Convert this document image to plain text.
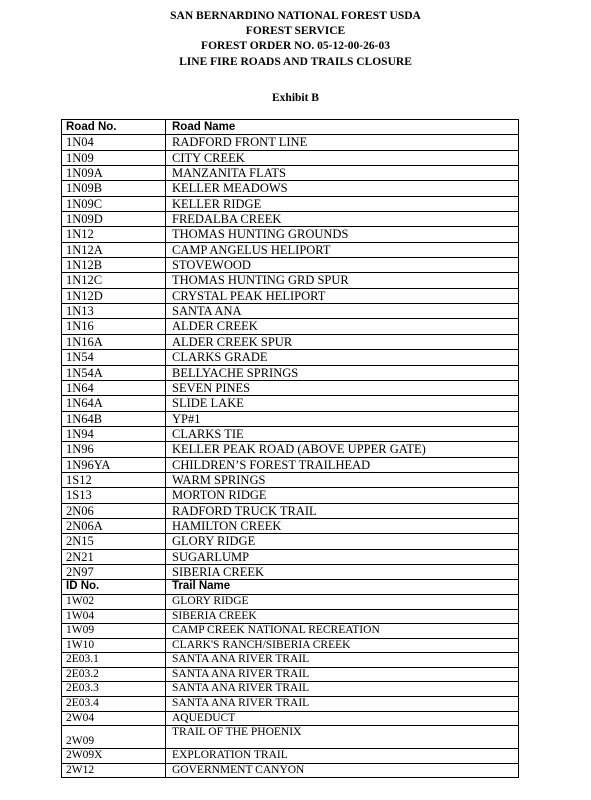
SAN BERNARDINO NATIONAL FOREST USDA
FOREST SERVICE
FOREST ORDER NO. 05-12-00-26-03
LINE FIRE ROADS AND TRAILS CLOSURE
Exhibit B
Road No.	Road Name
1N04	RADFORD FRONT LINE
1N09	CITY CREEK
1N09A	MANZANITA FLATS
1N09B	KELLER MEADOWS
1N09C	KELLER RIDGE
1N09D	FREDALBA CREEK
1N12	THOMAS HUNTING GROUNDS
1N12A	CAMP ANGELUS HELIPORT
1N12B	STOVEWOOD
1N12C	THOMAS HUNTING GRD SPUR
1N12D	CRYSTAL PEAK HELIPORT
1N13	SANTA ANA
1N16	ALDER CREEK
1N16A	ALDER CREEK SPUR
1N54	CLARKS GRADE
1N54A	BELLYACHE SPRINGS
1N64	SEVEN PINES
1N64A	SLIDE LAKE
1N64B	YP#1
1N94	CLARKS TIE
1N96	KELLER PEAK ROAD (ABOVE UPPER GATE)
1N96YA	CHILDREN’S FOREST TRAILHEAD
1S12	WARM SPRINGS
1S13	MORTON RIDGE
2N06	RADFORD TRUCK TRAIL
2N06A	HAMILTON CREEK
2N15	GLORY RIDGE
2N21	SUGARLUMP
2N97	SIBERIA CREEK
ID No.	Trail Name
1W02	GLORY RIDGE
1W04	SIBERIA CREEK
1W09	CAMP CREEK NATIONAL RECREATION
1W10	CLARK'S RANCH/SIBERIA CREEK
2E03.1	SANTA ANA RIVER TRAIL
2E03.2	SANTA ANA RIVER TRAIL
2E03.3	SANTA ANA RIVER TRAIL
2E03.4	SANTA ANA RIVER TRAIL
2W04	AQUEDUCT
2W09	TRAIL OF THE PHOENIX
2W09X	EXPLORATION TRAIL
2W12	GOVERNMENT CANYON
